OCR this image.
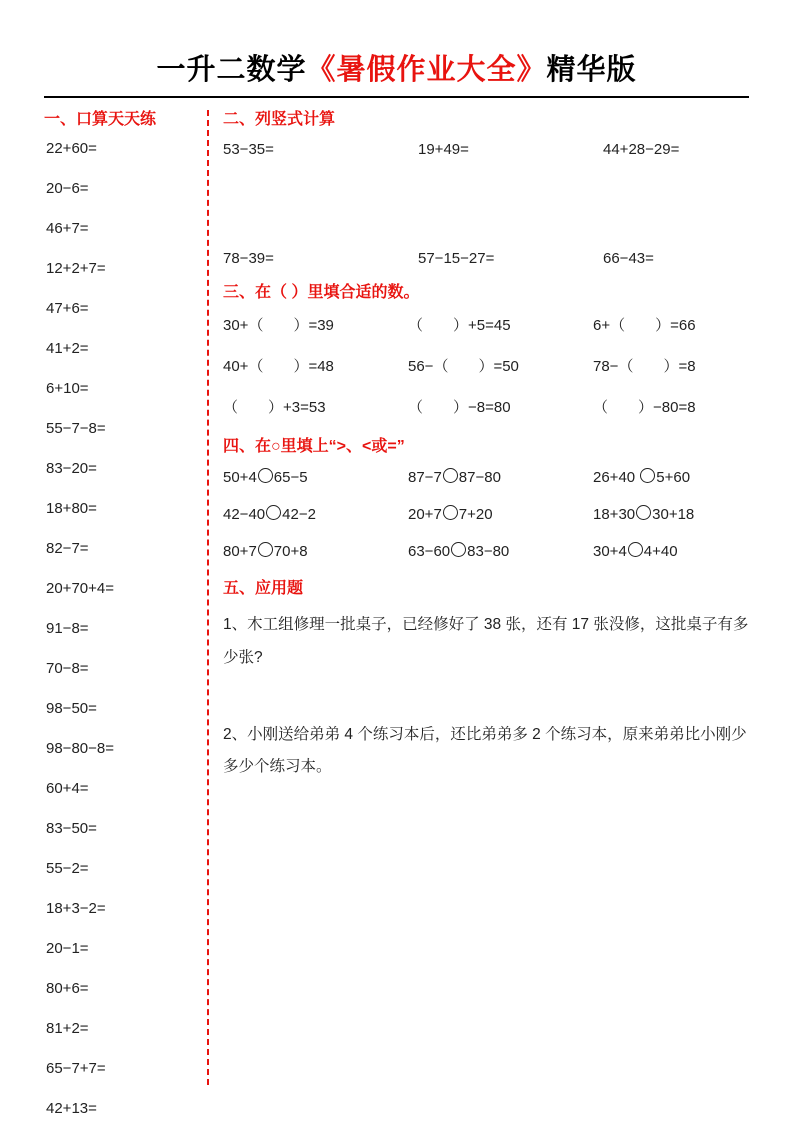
一升二数学《暑假作业大全》精华版
一、口算天天练
22+60=
20−6=
46+7=
12+2+7=
47+6=
41+2=
6+10=
55−7−8=
83−20=
18+80=
82−7=
20+70+4=
91−8=
70−8=
98−50=
98−80−8=
60+4=
83−50=
55−2=
18+3−2=
20−1=
80+6=
81+2=
65−7+7=
42+13=
二、列竖式计算
53−35=	19+49=	44+28−29=
78−39=	57−15−27=	66−43=
三、在（ ）里填合适的数。
30+（　　）=39	（　　）+5=45	6+（　　）=66
40+（　　）=48	56−（　　）=50	78−（　　）=8
（　　）+3=53	（　　）−8=80	（　　）−80=8
四、在○里填上“>、<或=”
50+4 65−5	87−7 87−80	26+40 5+60
42−40 42−2	20+7 7+20	18+30 30+18
80+7 70+8	63−60 83−80	30+4 4+40
五、应用题

1、木工组修理一批桌子，已经修好了 38 张，还有 17 张没修，这批桌子有多少张?

2、小刚送给弟弟 4 个练习本后，还比弟弟多 2 个练习本，原来弟弟比小刚少多少个练习本。
